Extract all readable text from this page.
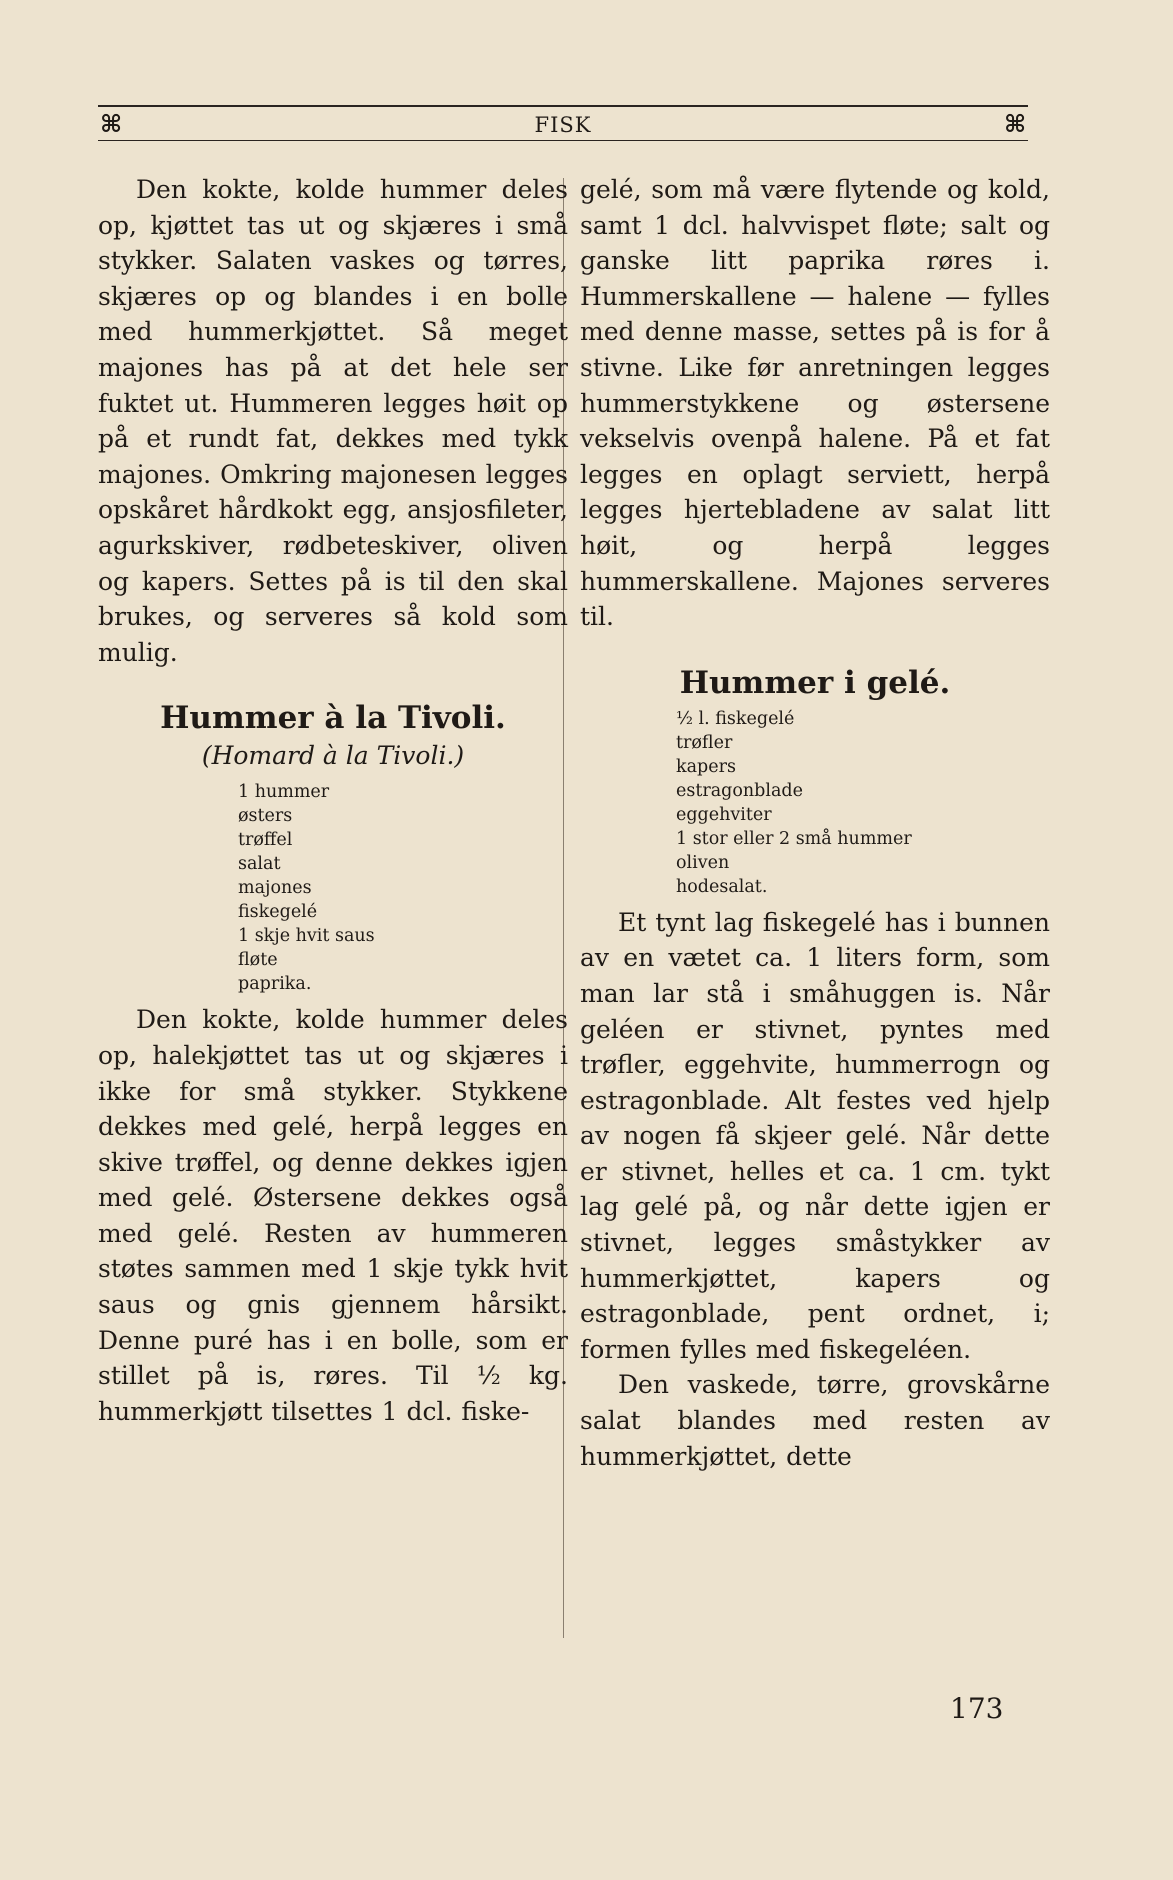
⌘	FISK	⌘

Den kokte, kolde hummer deles op, kjøttet tas ut og skjæres i små stykker. Salaten vaskes og tørres, skjæres op og blandes i en bolle med hummerkjøttet. Så meget majones has på at det hele ser fuktet ut. Hummeren legges høit op på et rundt fat, dekkes med tykk majones. Omkring majonesen legges opskåret hårdkokt egg, ansjosfileter, agurkskiver, rødbeteskiver, oliven og kapers. Settes på is til den skal brukes, og serveres så kold som mulig.

Hummer à la Tivoli.

(Homard à la Tivoli.)

1 hummer
østers
trøffel
salat
majones
fiskegelé
1 skje hvit saus
fløte
paprika.

Den kokte, kolde hummer deles op, halekjøttet tas ut og skjæres i ikke for små stykker. Stykkene dekkes med gelé, herpå legges en skive trøffel, og denne dekkes igjen med gelé. Østersene dekkes også med gelé. Resten av hummeren støtes sammen med 1 skje tykk hvit saus og gnis gjennem hårsikt. Denne puré has i en bolle, som er stillet på is, røres. Til ½ kg. hummerkjøtt tilsettes 1 dcl. fiske-

gelé, som må være flytende og kold, samt 1 dcl. halvvispet fløte; salt og ganske litt paprika røres i. Hummerskallene — halene — fylles med denne masse, settes på is for å stivne. Like før anretningen legges hummerstykkene og østersene vekselvis ovenpå halene. På et fat legges en oplagt serviett, herpå legges hjertebladene av salat litt høit, og herpå legges hummerskallene. Majones serveres til.

Hummer i gelé.
½ l. fiskegelé
trøfler
kapers
estragonblade
eggehviter
1 stor eller 2 små hummer
oliven
hodesalat.

Et tynt lag fiskegelé has i bunnen av en vætet ca. 1 liters form, som man lar stå i småhuggen is. Når geléen er stivnet, pyntes med trøfler, eggehvite, hummerrogn og estragonblade. Alt festes ved hjelp av nogen få skjeer gelé. Når dette er stivnet, helles et ca. 1 cm. tykt lag gelé på, og når dette igjen er stivnet, legges småstykker av hummerkjøttet, kapers og estragonblade, pent ordnet, i; formen fylles med fiskegeléen.

Den vaskede, tørre, grovskårne salat blandes med resten av hummerkjøttet, dette

173
